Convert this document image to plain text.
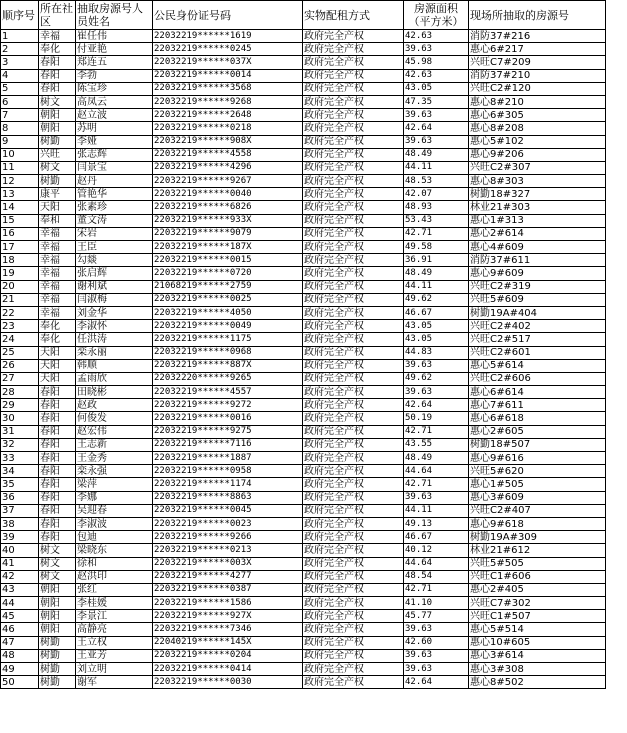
顺序号	所在社区	抽取房源号人员姓名	公民身份证号码	实物配租方式	房源面积（平方米）	现场所抽取的房源号
1	幸福	崔任伟	22032219******1619	政府完全产权	42.63	消防37#216
2	奉化	付亚艳	22032219******0245	政府完全产权	39.63	惠心6#217
3	春阳	郑连五	22032219******037X	政府完全产权	45.98	兴旺C7#209
4	春阳	李勃	22032219******0014	政府完全产权	42.63	消防37#210
5	春阳	陈宝珍	22032219******3568	政府完全产权	43.05	兴旺C2#120
6	树文	高凤云	22032219******9268	政府完全产权	47.35	惠心8#210
7	朝阳	赵立波	22032219******2648	政府完全产权	39.63	惠心6#305
8	朝阳	苏明	22032219******0218	政府完全产权	42.64	惠心8#208
9	树勤	李娅	22032219******908X	政府完全产权	39.63	惠心5#102
10	兴旺	张志辉	22032219******4558	政府完全产权	48.49	惠心9#206
11	树文	闫景宝	22032219******4296	政府完全产权	44.11	兴旺C2#307
12	树勤	赵丹	22032219******9267	政府完全产权	48.53	惠心8#303
13	康平	管艳华	22032219******0040	政府完全产权	42.07	树勤18#327
14	天阳	张素珍	22032219******6826	政府完全产权	48.93	林业21#303
15	奉和	董文涛	22032219******933X	政府完全产权	53.43	惠心1#313
16	幸福	宋岩	22032219******9079	政府完全产权	42.71	惠心2#614
17	幸福	王臣	22032219******187X	政府完全产权	49.58	惠心4#609
18	幸福	勾燚	22032219******0015	政府完全产权	36.91	消防37#611
19	幸福	张启辉	22032219******0720	政府完全产权	48.49	惠心9#609
20	幸福	谢利斌	21068219******2759	政府完全产权	44.11	兴旺C2#319
21	幸福	闫淑梅	22032219******0025	政府完全产权	49.62	兴旺5#609
22	幸福	刘金华	22032219******4050	政府完全产权	46.67	树勤19A#404
23	奉化	李淑怀	22032219******0049	政府完全产权	43.05	兴旺C2#402
24	奉化	任洪涛	22032219******1175	政府完全产权	43.05	兴旺C2#517
25	天阳	栾永丽	22032219******0968	政府完全产权	44.83	兴旺C2#601
26	天阳	韩顺	22032219******887X	政府完全产权	39.63	惠心5#614
27	天阳	孟雨欣	22032220******9265	政府完全产权	49.62	兴旺C2#606
28	春阳	田晓彬	22032219******4557	政府完全产权	39.63	惠心6#614
29	春阳	赵政	22032219******9272	政府完全产权	42.64	惠心7#611
30	春阳	何俊发	22032219******0016	政府完全产权	50.19	惠心6#618
31	春阳	赵宏伟	22032219******9275	政府完全产权	42.71	惠心2#605
32	春阳	王志新	22032219******7116	政府完全产权	43.55	树勤18#507
33	春阳	王金秀	22032219******1887	政府完全产权	48.49	惠心9#616
34	春阳	栾永强	22032219******0958	政府完全产权	44.64	兴旺5#620
35	春阳	梁萍	22032219******1174	政府完全产权	42.71	惠心1#505
36	春阳	李娜	22032219******8863	政府完全产权	39.63	惠心3#609
37	春阳	吴迎春	22032219******0045	政府完全产权	44.11	兴旺C2#407
38	春阳	李淑波	22032219******0023	政府完全产权	49.13	惠心9#618
39	春阳	包迪	22032219******9266	政府完全产权	46.67	树勤19A#309
40	树文	梁晓东	22032219******0213	政府完全产权	40.12	林业21#612
41	树文	徐和	22032219******003X	政府完全产权	44.64	兴旺5#505
42	树文	赵洪印	22032219******4277	政府完全产权	48.54	兴旺C1#606
43	朝阳	张红	22032219******0387	政府完全产权	42.71	惠心2#405
44	朝阳	李桂媛	22032219******1586	政府完全产权	41.10	兴旺C7#302
45	朝阳	李景江	22032219******927X	政府完全产权	45.77	兴旺C1#507
46	朝阳	高静亮	22032219******7346	政府完全产权	39.63	惠心5#514
47	树勤	王立权	22040219******145X	政府完全产权	42.60	惠心10#605
48	树勤	王亚芳	22032219******0204	政府完全产权	39.63	惠心3#614
49	树勤	刘立明	22032219******0414	政府完全产权	39.63	惠心3#308
50	树勤	谢军	22032219******0030	政府完全产权	42.64	惠心8#502
